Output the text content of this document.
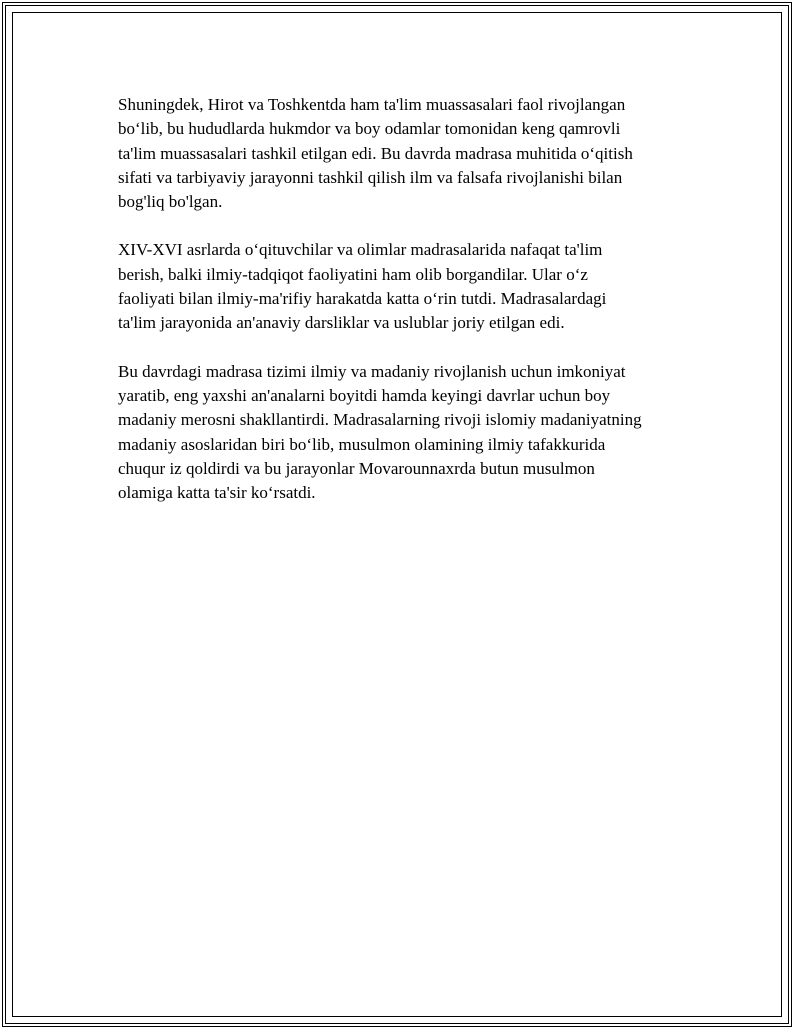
Shuningdek, Hirot va Toshkentda ham ta'lim muassasalari faol rivojlangan
bo‘lib, bu hududlarda hukmdor va boy odamlar tomonidan keng qamrovli
ta'lim muassasalari tashkil etilgan edi. Bu davrda madrasa muhitida o‘qitish
sifati va tarbiyaviy jarayonni tashkil qilish ilm va falsafa rivojlanishi bilan
bog'liq bo'lgan.

XIV-XVI asrlarda o‘qituvchilar va olimlar madrasalarida nafaqat ta'lim
berish, balki ilmiy-tadqiqot faoliyatini ham olib borgandilar. Ular o‘z
faoliyati bilan ilmiy-ma'rifiy harakatda katta o‘rin tutdi. Madrasalardagi
ta'lim jarayonida an'anaviy darsliklar va uslublar joriy etilgan edi.

Bu davrdagi madrasa tizimi ilmiy va madaniy rivojlanish uchun imkoniyat
yaratib, eng yaxshi an'analarni boyitdi hamda keyingi davrlar uchun boy
madaniy merosni shakllantirdi. Madrasalarning rivoji islomiy madaniyatning
madaniy asoslaridan biri bo‘lib, musulmon olamining ilmiy tafakkurida
chuqur iz qoldirdi va bu jarayonlar Movarounnaxrda butun musulmon
olamiga katta ta'sir ko‘rsatdi.
